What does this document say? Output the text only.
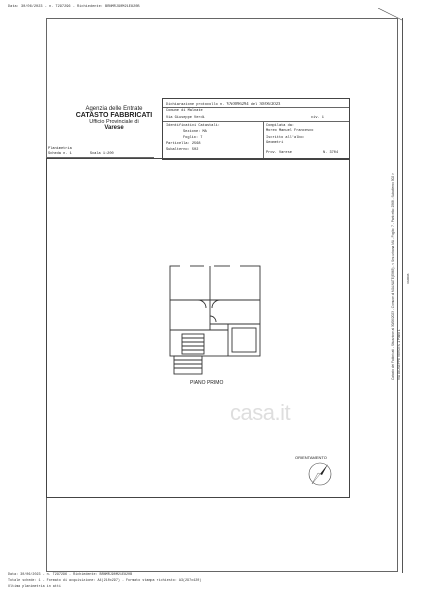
Data: 30/06/2023 - n. T297296 - Richiedente: BRNMRJ90M21E820B
Catasto dei Fabbricati - Situazione al 30/06/2023 - Comune di MALNATE(E863) - < Sez.urbana MA - Foglio: 7 - Particella: 2568 - Subalterno 502 > VIA GIUSEPPE VERDI n. 1 Piano 1
VA0096
Agenzia delle Entrate
CATASTO FABBRICATI
Ufficio Provinciale di
Varese
Dichiarazione protocollo n. VA0096294 del 30/06/2023
Comune di Malnate
Via Giuseppe Verdi	civ. 1
Identificativi Catastali:
Sezione: MA
Foglio: 7
Particella: 2568
Subalterno: 502
Compilata da:
Moreo Manuel Francesco
Iscritto all'albo:
Geometri
Prov. Varese	N. 3704
Planimetria
Scheda n. 1	Scala 1:200
PIANO PRIMO
casa.it
ORIENTAMENTO
Data: 30/06/2023 - n. T297296 - Richiedente: BRNMRJ90M21E820B
Totale schede: 1 - Formato di acquisizione: A4(210x297) - Formato stampa richiesto: A3(297x420)
Ultima planimetria in atti
